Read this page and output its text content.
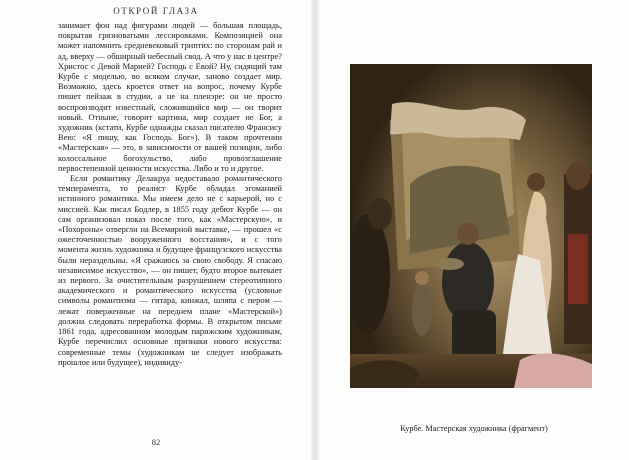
ОТКРОЙ ГЛАЗА

занимает фон над фигурами людей — большая площадь, покрытая грязноватыми лессировками. Композицией она может напомнить средневековый триптих: по сторонам рай и ад, вверху — обширный небесный свод. А что у нас в центре? Христос с Девой Марией? Господь с Евой? Ну, сидящий там Курбе с моделью, во всяком случае, заново создает мир. Возможно, здесь кроется ответ на вопрос, почему Курбе пишет пейзаж в студии, а не на пленэре: он не просто воспроизводит известный, сложившийся мир — он творит новый. Отныне, говорит картина, мир создает не Бог, а художник (кстати, Курбе однажды сказал писателю Франсису Вею: «Я пишу, как Господь Бог»). В таком прочтении «Мастерская» — это, в зависимости от вашей позиции, либо колоссальное богохульство, либо провозглашение первостепенной ценности искусства. Либо и то и другое.

Если романтику Делакруа недоставало романтического темперамента, то реалист Курбе обладал эгоманией истинного романтика. Мы имеем дело не с карьерой, но с миссией. Как писал Бодлер, в 1855 году дебют Курбе — он сам организовал показ после того, как «Мастерскую», и «Похороны» отвергли на Всемирной выставке, — прошел «с ожесточенностью вооруженного восстания», и с того момента жизнь художника и будущее французского искусства были нераздельны. «Я сражаюсь за свою свободу. Я спасаю независимое искусство», — он пишет, будто второе вытекает из первого. За очистительным разрушением стереотипного академического и романтического искусства (условные символы романтизма — гитара, кинжал, шляпа с пером — лежат поверженные на переднем плане «Мастерской») должна следовать переработка формы. В открытом письме 1861 года, адресованном молодым парижским художникам, Курбе перечислил основные признаки нового искусства: современные темы (художникам не следует изображать прошлое или будущее), индивиду-

82
Курбе. Мастерская художника (фрагмент)
